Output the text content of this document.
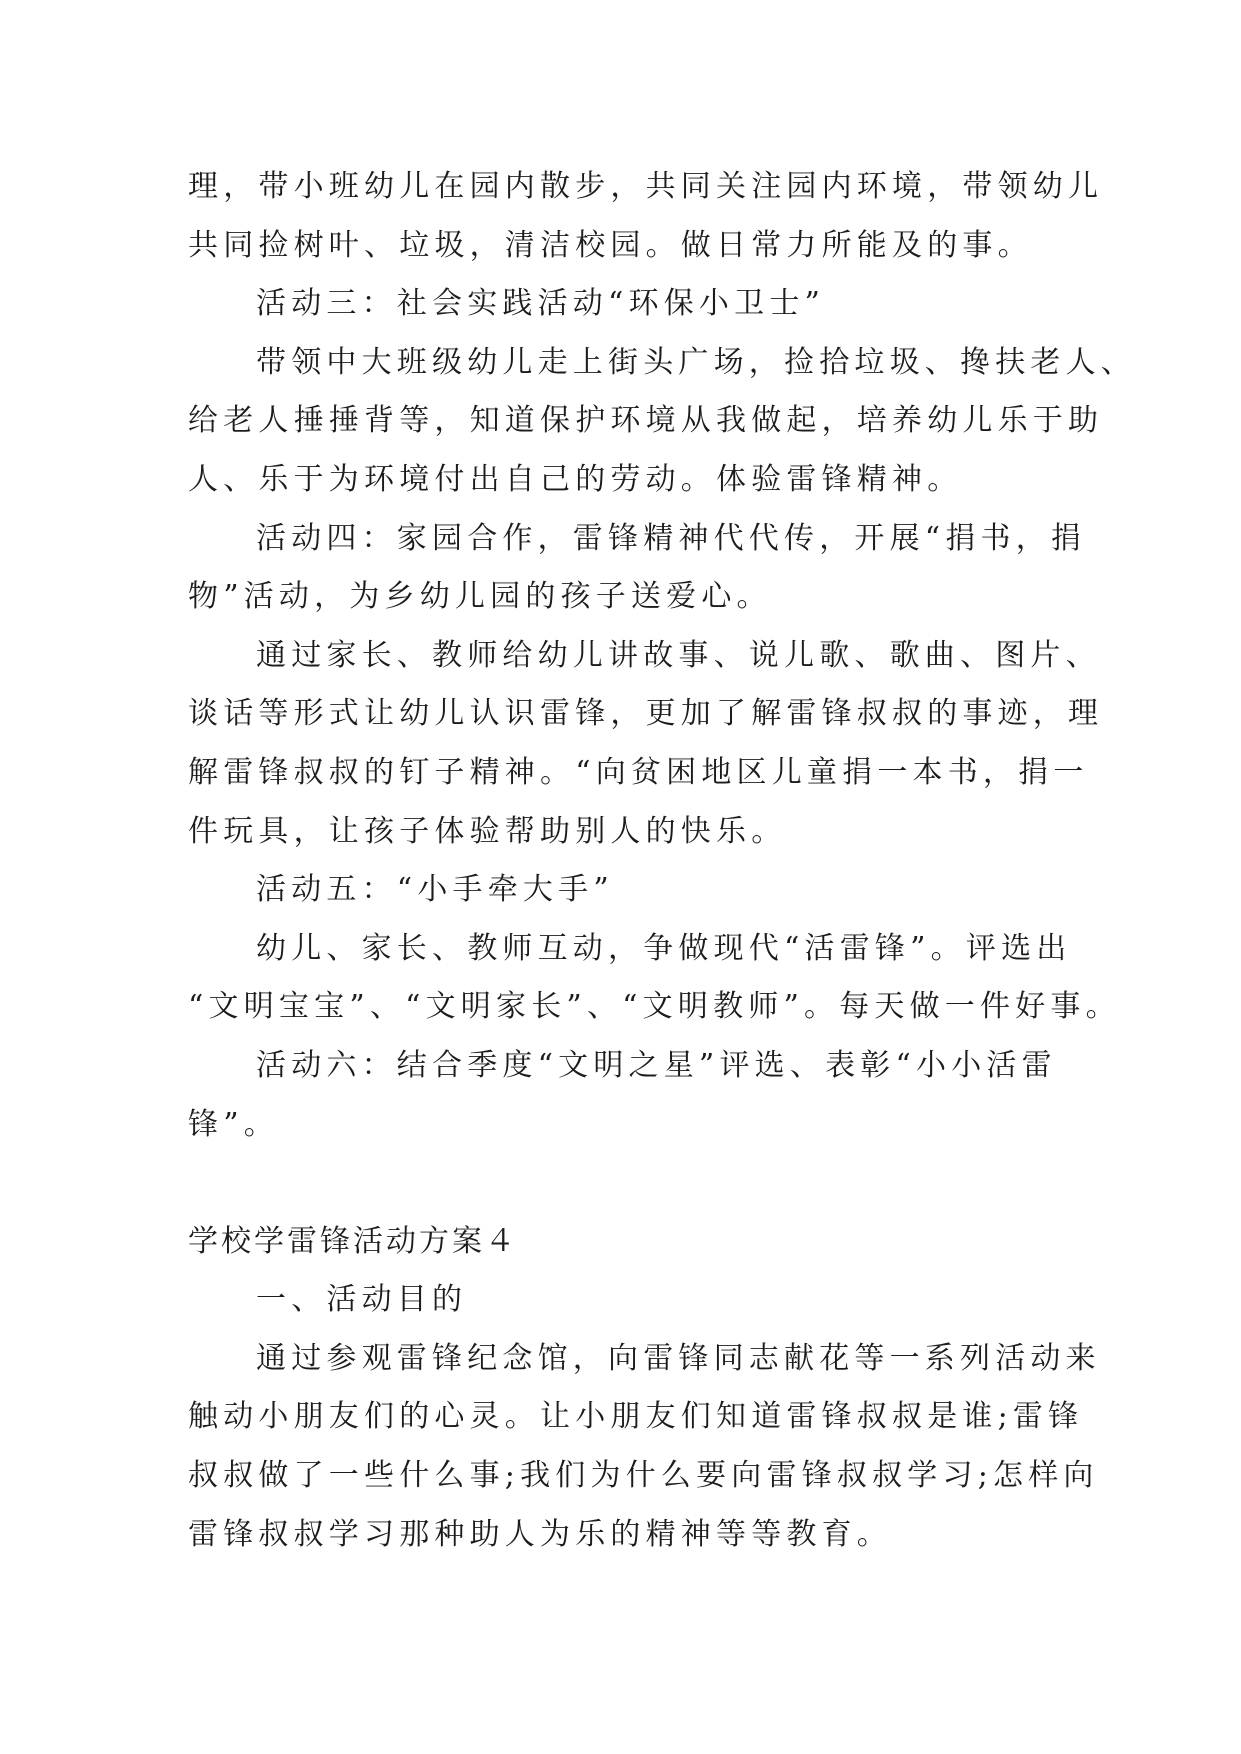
理，带小班幼儿在园内散步，共同关注园内环境，带领幼儿
共同捡树叶、垃圾，清洁校园。做日常力所能及的事。
活动三：社会实践活动“环保小卫士”
带领中大班级幼儿走上街头广场，捡拾垃圾、搀扶老人、
给老人捶捶背等，知道保护环境从我做起，培养幼儿乐于助
人、乐于为环境付出自己的劳动。体验雷锋精神。
活动四：家园合作，雷锋精神代代传，开展“捐书，捐
物”活动，为乡幼儿园的孩子送爱心。
通过家长、教师给幼儿讲故事、说儿歌、歌曲、图片、
谈话等形式让幼儿认识雷锋，更加了解雷锋叔叔的事迹，理
解雷锋叔叔的钉子精神。“向贫困地区儿童捐一本书，捐一
件玩具，让孩子体验帮助别人的快乐。
活动五：“小手牵大手”
幼儿、家长、教师互动，争做现代“活雷锋”。评选出
“文明宝宝”、“文明家长”、“文明教师”。每天做一件好事。
活动六：结合季度“文明之星”评选、表彰“小小活雷
锋”。
学校学雷锋活动方案４
一、活动目的
通过参观雷锋纪念馆，向雷锋同志献花等一系列活动来
触动小朋友们的心灵。让小朋友们知道雷锋叔叔是谁;雷锋
叔叔做了一些什么事;我们为什么要向雷锋叔叔学习;怎样向
雷锋叔叔学习那种助人为乐的精神等等教育。
